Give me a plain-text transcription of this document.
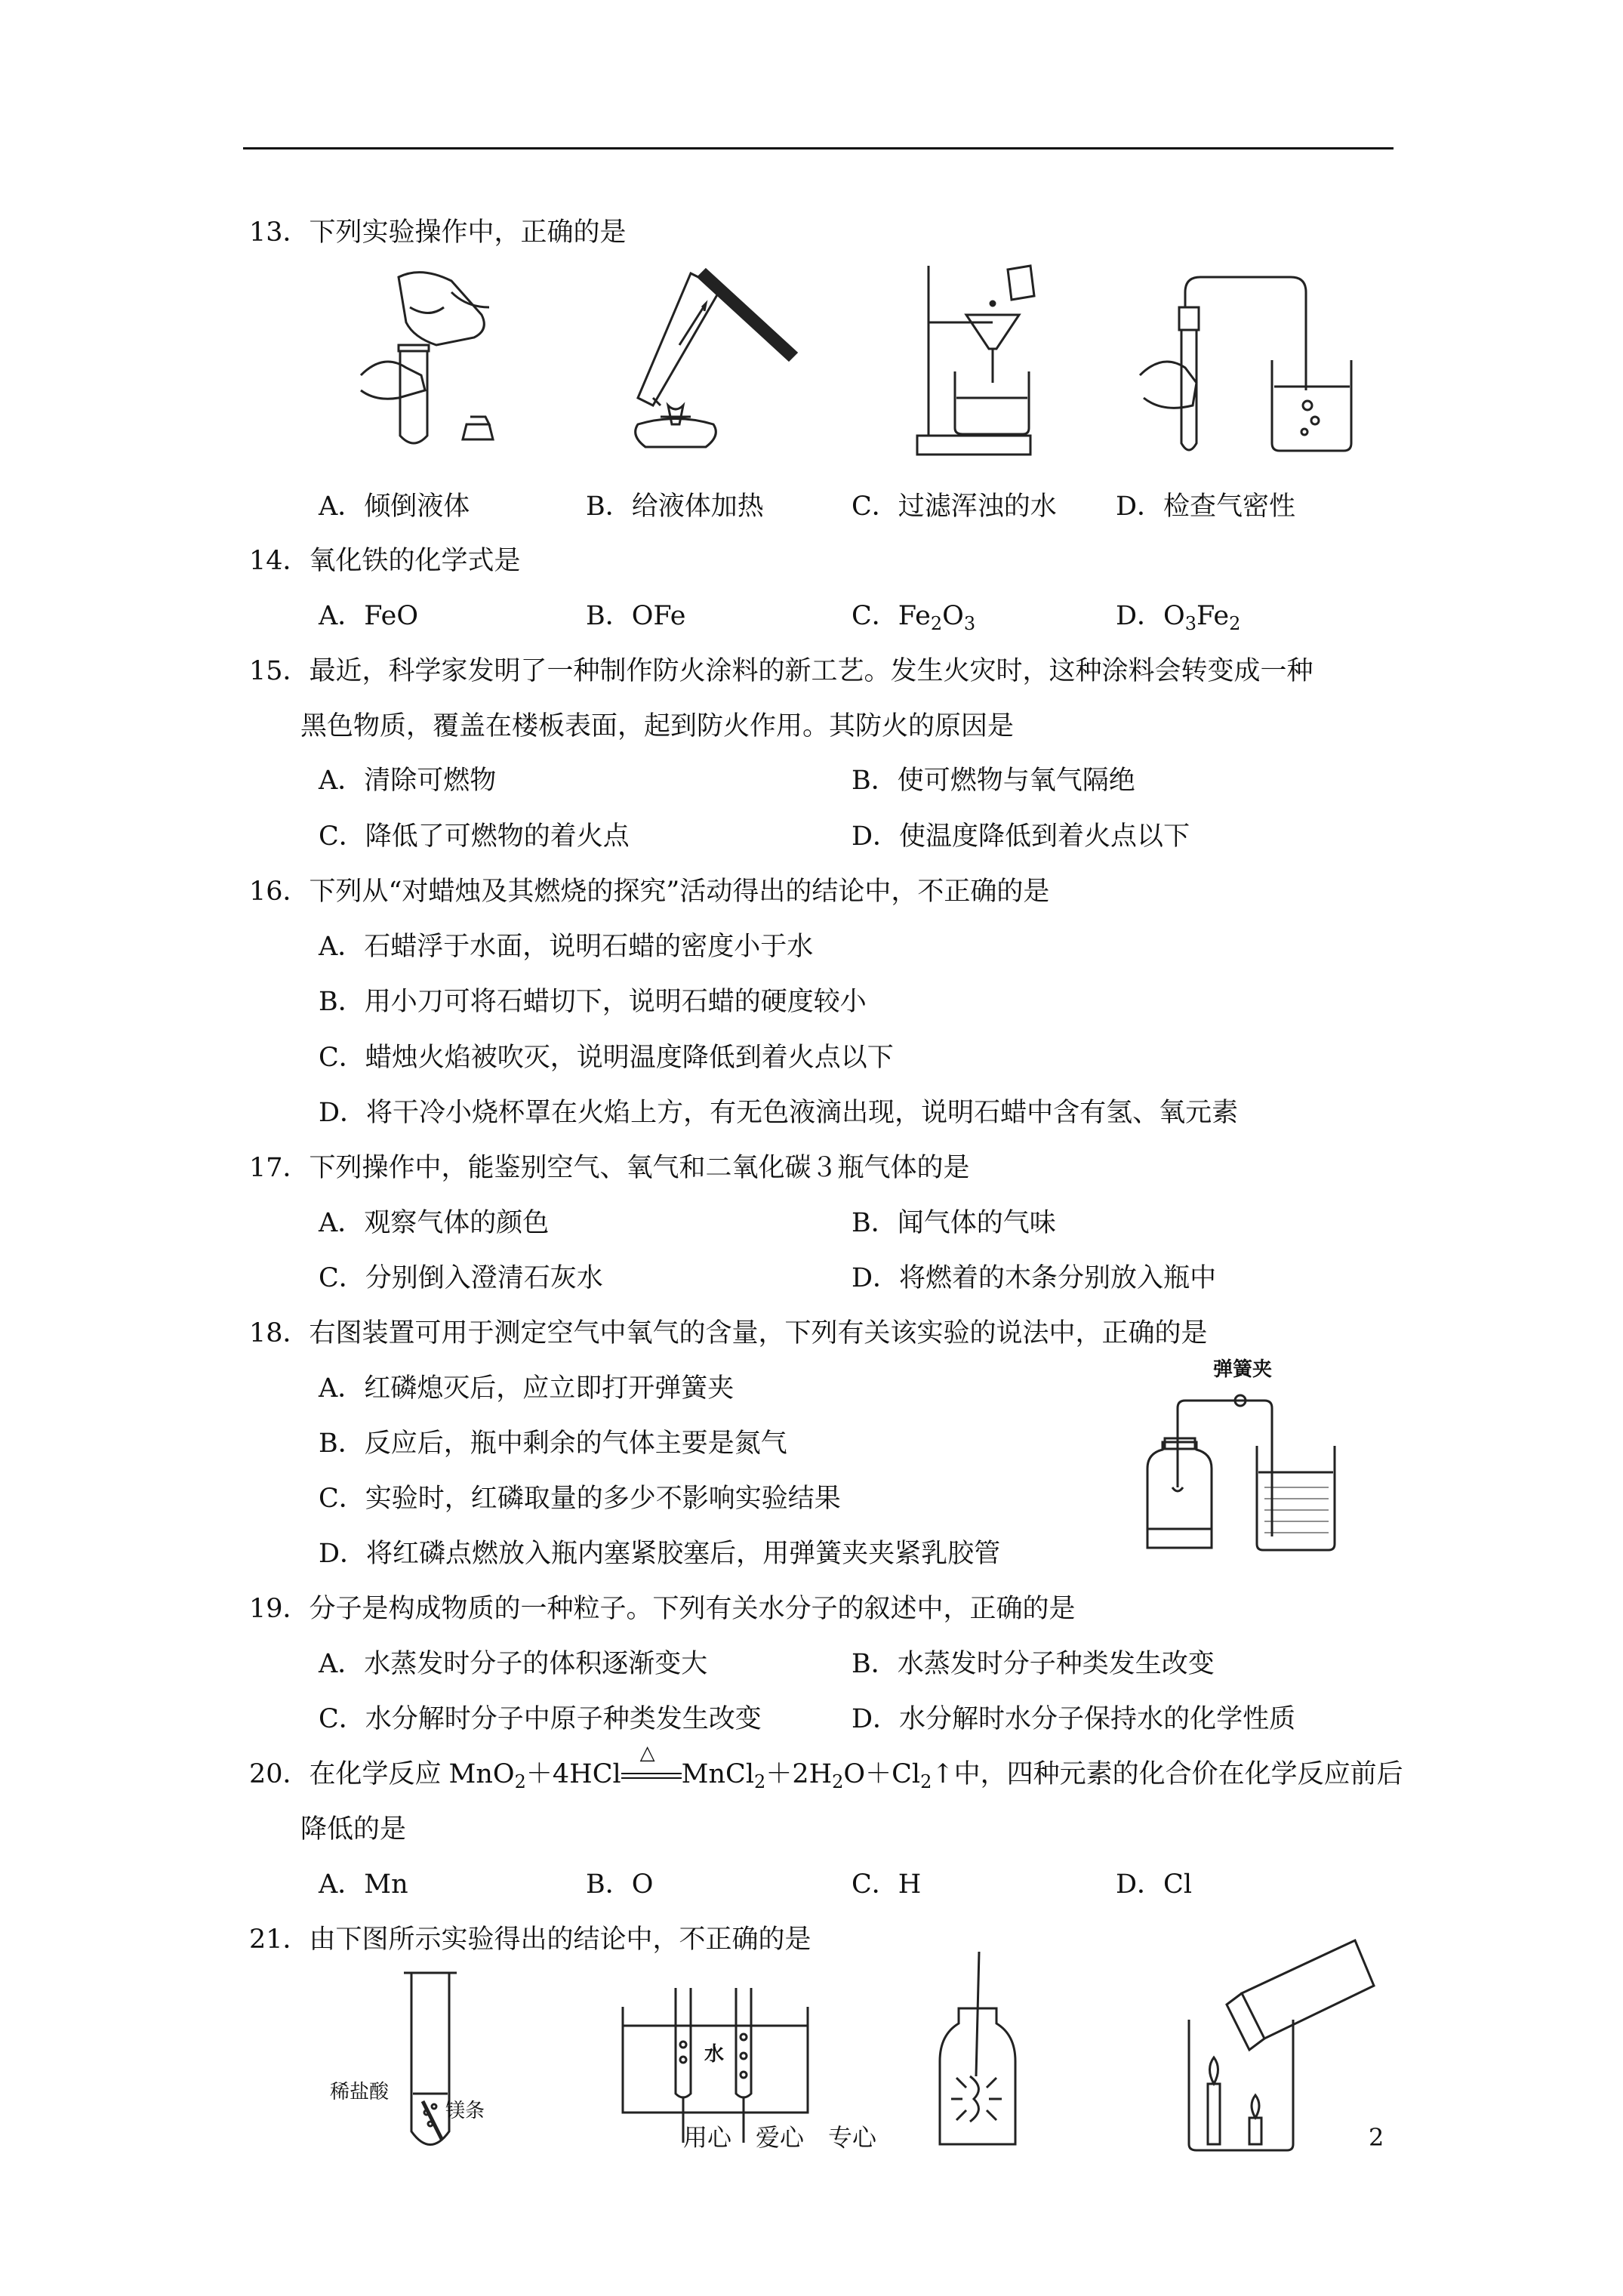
13．下列实验操作中，正确的是
A．倾倒液体	B．给液体加热	C．过滤浑浊的水 D．检查气密性
14．氧化铁的化学式是
A．FeO	B．OFe	C．$Fe_2O_3$	D．$O_3Fe_2$
15．最近，科学家发明了一种制作防火涂料的新工艺。发生火灾时，这种涂料会转变成一种
黑色物质，覆盖在楼板表面，起到防火作用。其防火的原因是
A．清除可燃物	B．使可燃物与氧气隔绝
C．降低了可燃物的着火点	D．使温度降低到着火点以下
16．下列从“对蜡烛及其燃烧的探究”活动得出的结论中，不正确的是
A．石蜡浮于水面，说明石蜡的密度小于水
B．用小刀可将石蜡切下，说明石蜡的硬度较小
C．蜡烛火焰被吹灭，说明温度降低到着火点以下
D．将干冷小烧杯罩在火焰上方，有无色液滴出现，说明石蜡中含有氢、氧元素
17．下列操作中，能鉴别空气、氧气和二氧化碳３瓶气体的是
A．观察气体的颜色	B．闻气体的气味
C．分别倒入澄清石灰水	D．将燃着的木条分别放入瓶中
18．右图装置可用于测定空气中氧气的含量，下列有关该实验的说法中，正确的是
A．红磷熄灭后，应立即打开弹簧夹
B．反应后，瓶中剩余的气体主要是氮气
C．实验时，红磷取量的多少不影响实验结果
D．将红磷点燃放入瓶内塞紧胶塞后，用弹簧夹夹紧乳胶管
弹簧夹
19．分子是构成物质的一种粒子。下列有关水分子的叙述中，正确的是
A．水蒸发时分子的体积逐渐变大	B．水蒸发时分子种类发生改变
C．水分解时分子中原子种类发生改变	D．水分解时水分子保持水的化学性质
20．在化学反应 MnO$_2$＋4HCl
△
$MnCl_2+2H_2O+Cl_2↑$中，四种元素的化合价在化学反应前后
降低的是
A．Mn	B．O	C．H	D．Cl
21．由下图所示实验得出的结论中，不正确的是
稀盐酸
镁条
水
用心　爱心　专心	2
